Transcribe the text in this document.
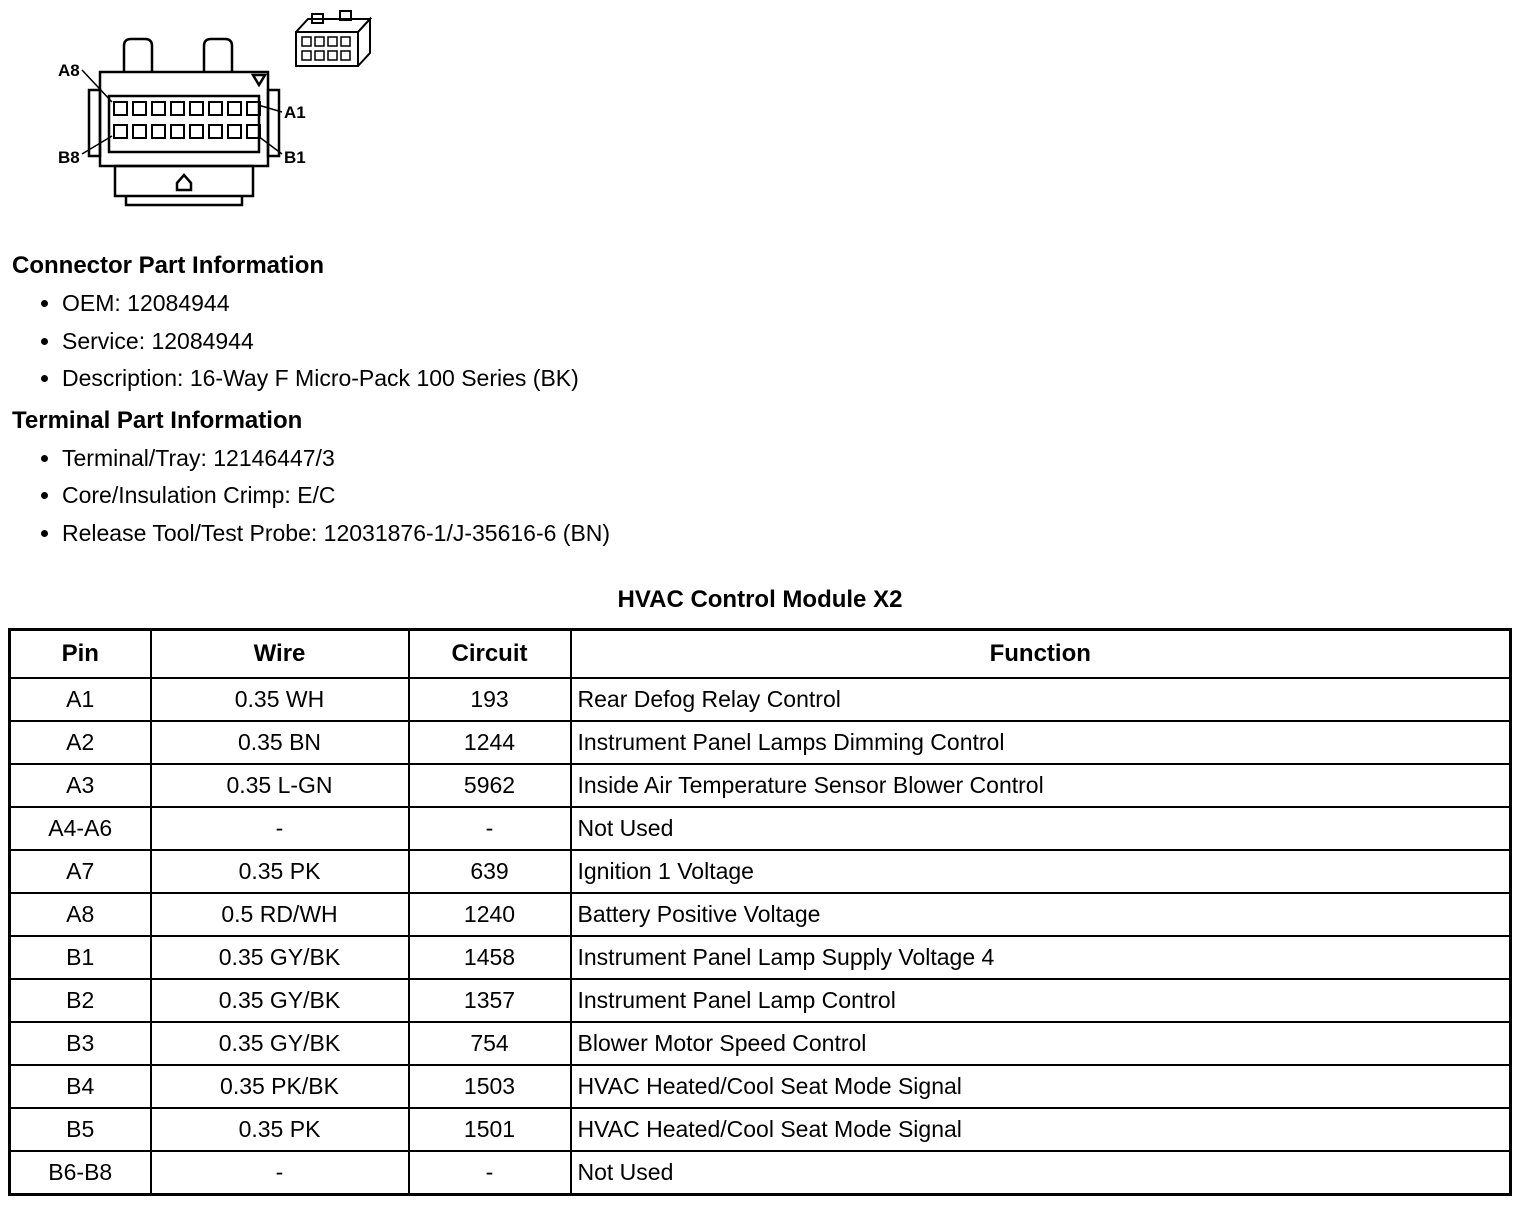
A8
A1
B8	B1
Connector Part Information
• OEM: 12084944
• Service: 12084944
• Description: 16-Way F Micro-Pack 100 Series (BK)
Terminal Part Information
• Terminal/Tray: 12146447/3
• Core/Insulation Crimp: E/C
• Release Tool/Test Probe: 12031876-1/J-35616-6 (BN)
HVAC Control Module X2
Pin	Wire	Circuit	Function
A1	0.35 WH	193	Rear Defog Relay Control
A2	0.35 BN	1244	Instrument Panel Lamps Dimming Control
A3	0.35 L-GN	5962	Inside Air Temperature Sensor Blower Control
A4-A6	-	-	Not Used
A7	0.35 PK	639	Ignition 1 Voltage
A8	0.5 RD/WH	1240	Battery Positive Voltage
B1	0.35 GY/BK	1458	Instrument Panel Lamp Supply Voltage 4
B2	0.35 GY/BK	1357	Instrument Panel Lamp Control
B3	0.35 GY/BK	754	Blower Motor Speed Control
B4	0.35 PK/BK	1503	HVAC Heated/Cool Seat Mode Signal
B5	0.35 PK	1501	HVAC Heated/Cool Seat Mode Signal
B6-B8	-	-	Not Used
